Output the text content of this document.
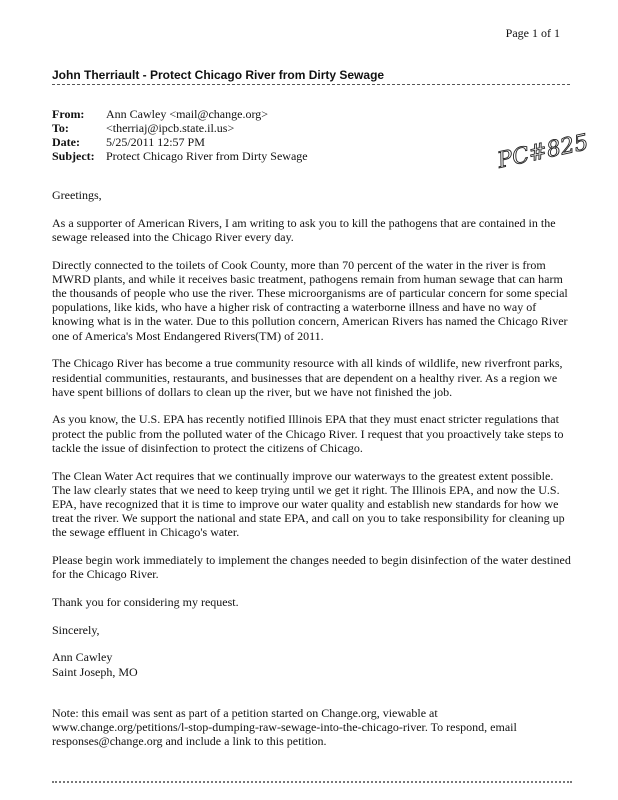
Page 1 of 1
John Therriault - Protect Chicago River from Dirty Sewage
From:	Ann Cawley <mail@change.org>
To:	<therriaj@ipcb.state.il.us>
Date:	5/25/2011 12:57 PM
Subject: Protect Chicago River from Dirty Sewage	PC#825

Greetings,

As a supporter of American Rivers, I am writing to ask you to kill the pathogens that are contained in the sewage released into the Chicago River every day.

Directly connected to the toilets of Cook County, more than 70 percent of the water in the river is from MWRD plants, and while it receives basic treatment, pathogens remain from human sewage that can harm the thousands of people who use the river. These microorganisms are of particular concern for some special populations, like kids, who have a higher risk of contracting a waterborne illness and have no way of knowing what is in the water. Due to this pollution concern, American Rivers has named the Chicago River one of America's Most Endangered Rivers(TM) of 2011.

The Chicago River has become a true community resource with all kinds of wildlife, new riverfront parks, residential communities, restaurants, and businesses that are dependent on a healthy river. As a region we have spent billions of dollars to clean up the river, but we have not finished the job.

As you know, the U.S. EPA has recently notified Illinois EPA that they must enact stricter regulations that protect the public from the polluted water of the Chicago River. I request that you proactively take steps to tackle the issue of disinfection to protect the citizens of Chicago.

The Clean Water Act requires that we continually improve our waterways to the greatest extent possible. The law clearly states that we need to keep trying until we get it right. The Illinois EPA, and now the U.S. EPA, have recognized that it is time to improve our water quality and establish new standards for how we treat the river. We support the national and state EPA, and call on you to take responsibility for cleaning up the sewage effluent in Chicago's water.

Please begin work immediately to implement the changes needed to begin disinfection of the water destined for the Chicago River.

Thank you for considering my request.

Sincerely,

Ann Cawley

Saint Joseph, MO

Note: this email was sent as part of a petition started on Change.org, viewable at www.change.org/petitions/l-stop-dumping-raw-sewage-into-the-chicago-river. To respond, email responses@change.org and include a link to this petition.
